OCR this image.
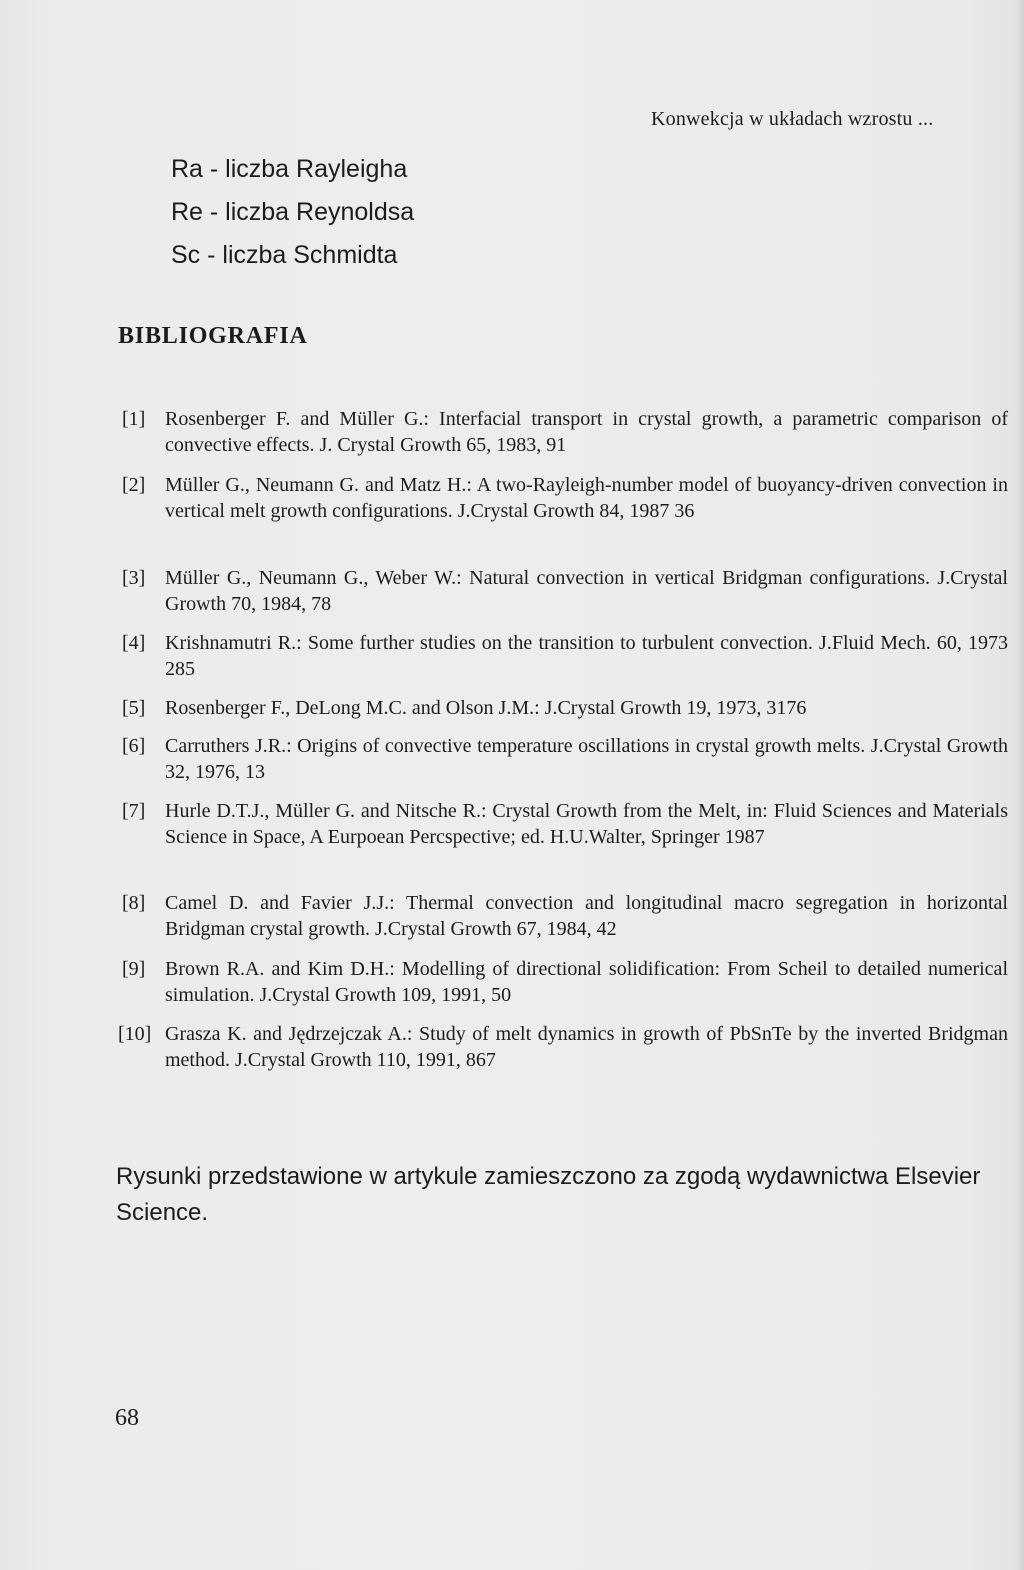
Konwekcja w układach wzrostu ...
Ra - liczba Rayleigha
Re - liczba Reynoldsa
Sc - liczba Schmidta
BIBLIOGRAFIA
[1] Rosenberger F. and Müller G.: Interfacial transport in crystal growth, a parametric comparison of convective effects. J. Crystal Growth 65, 1983, 91
[2] Müller G., Neumann G. and Matz H.: A two-Rayleigh-number model of buoyancy-driven convection in vertical melt growth configurations. J.Crystal Growth 84, 1987 36
[3] Müller G., Neumann G., Weber W.: Natural convection in vertical Bridgman configurations. J.Crystal Growth 70, 1984, 78
[4] Krishnamutri R.: Some further studies on the transition to turbulent convection. J.Fluid Mech. 60, 1973 285
[5] Rosenberger F., DeLong M.C. and Olson J.M.: J.Crystal Growth 19, 1973, 3176
[6] Carruthers J.R.: Origins of convective temperature oscillations in crystal growth melts. J.Crystal Growth 32, 1976, 13
[7] Hurle D.T.J., Müller G. and Nitsche R.: Crystal Growth from the Melt, in: Fluid Sciences and Materials Science in Space, A Eurpoean Percspective; ed. H.U.Walter, Springer 1987
[8] Camel D. and Favier J.J.: Thermal convection and longitudinal macro segregation in horizontal Bridgman crystal growth. J.Crystal Growth 67, 1984, 42
[9] Brown R.A. and Kim D.H.: Modelling of directional solidification: From Scheil to detailed numerical simulation. J.Crystal Growth 109, 1991, 50
[10] Grasza K. and Jędrzejczak A.: Study of melt dynamics in growth of PbSnTe by the inverted Bridgman method. J.Crystal Growth 110, 1991, 867
Rysunki przedstawione w artykule zamieszczono za zgodą wydawnictwa Elsevier Science.
68
